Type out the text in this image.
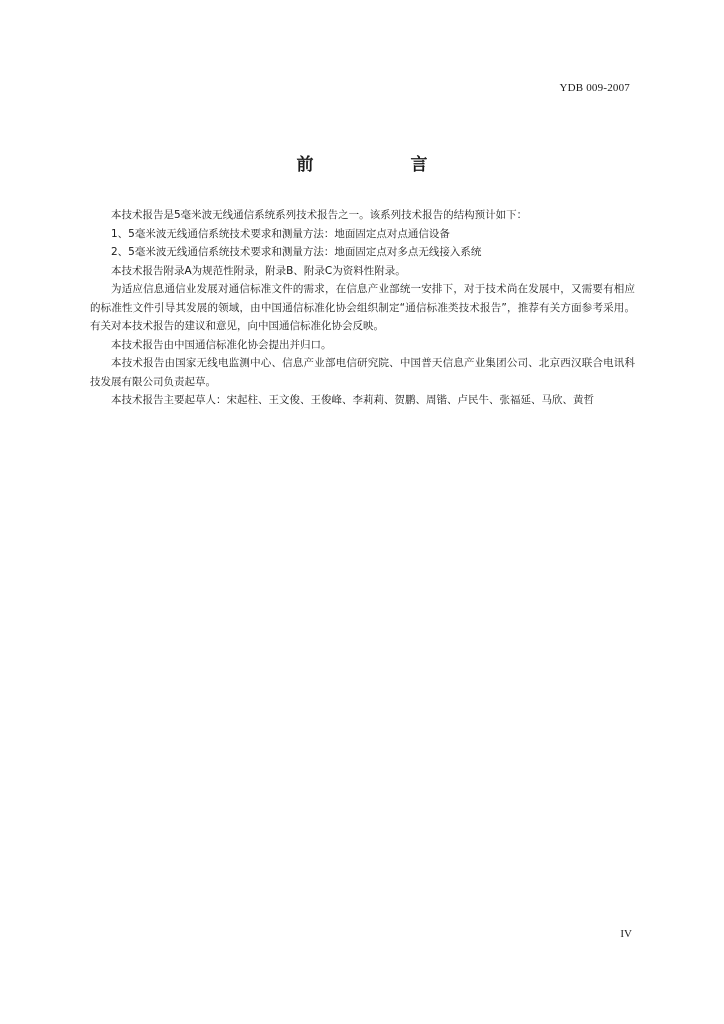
YDB 009-2007
前　言

本技术报告是5毫米波无线通信系统系列技术报告之一。该系列技术报告的结构预计如下：

1、5毫米波无线通信系统技术要求和测量方法：地面固定点对点通信设备

2、5毫米波无线通信系统技术要求和测量方法：地面固定点对多点无线接入系统

本技术报告附录A为规范性附录，附录B、附录C为资料性附录。

为适应信息通信业发展对通信标准文件的需求，在信息产业部统一安排下，对于技术尚在发展中，又需要有相应的标准性文件引导其发展的领域，由中国通信标准化协会组织制定“通信标准类技术报告”，推荐有关方面参考采用。有关对本技术报告的建议和意见，向中国通信标准化协会反映。

本技术报告由中国通信标准化协会提出并归口。

本技术报告由国家无线电监测中心、信息产业部电信研究院、中国普天信息产业集团公司、北京西汉联合电讯科技发展有限公司负责起草。

本技术报告主要起草人：宋起柱、王文俊、王俊峰、李莉莉、贺鹏、周锴、卢民牛、张福延、马欣、黄哲

IV
